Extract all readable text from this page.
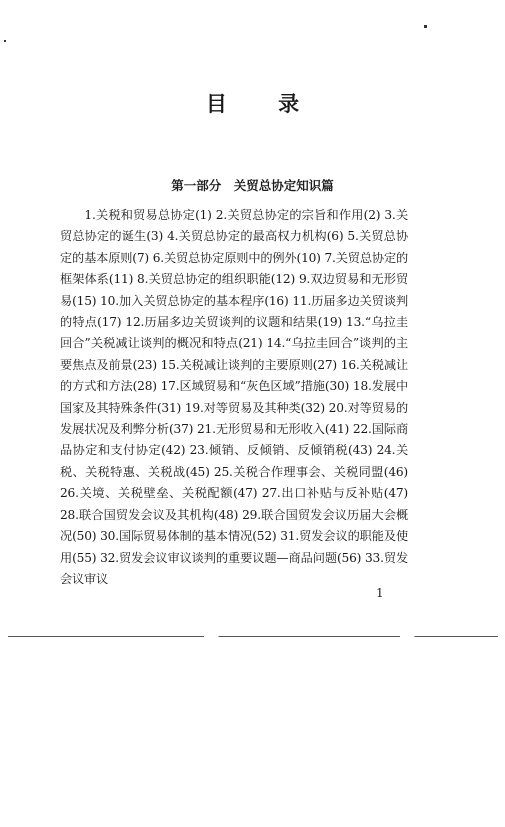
目 录
第一部分　关贸总协定知识篇
1.关税和贸易总协定(1) 2.关贸总协定的宗旨和作用(2) 3.关贸总协定的诞生(3) 4.关贸总协定的最高权力机构(6) 5.关贸总协定的基本原则(7) 6.关贸总协定原则中的例外(10) 7.关贸总协定的框架体系(11) 8.关贸总协定的组织职能(12) 9.双边贸易和无形贸易(15) 10.加入关贸总协定的基本程序(16) 11.历届多边关贸谈判的特点(17) 12.历届多边关贸谈判的议题和结果(19) 13.“乌拉圭回合”关税减让谈判的概况和特点(21) 14.“乌拉圭回合”谈判的主要焦点及前景(23) 15.关税减让谈判的主要原则(27) 16.关税减让的方式和方法(28) 17.区域贸易和“灰色区域”措施(30) 18.发展中国家及其特殊条件(31) 19.对等贸易及其种类(32) 20.对等贸易的发展状况及利弊分析(37) 21.无形贸易和无形收入(41) 22.国际商品协定和支付协定(42) 23.倾销、反倾销、反倾销税(43) 24.关税、关税特惠、关税战(45) 25.关税合作理事会、关税同盟(46) 26.关境、关税壁垒、关税配额(47) 27.出口补贴与反补贴(47) 28.联合国贸发会议及其机构(48) 29.联合国贸发会议历届大会概况(50) 30.国际贸易体制的基本情况(52) 31.贸发会议的职能及使用(55) 32.贸发会议审议谈判的重要议题—商品问题(56) 33.贸发会议审议
1
